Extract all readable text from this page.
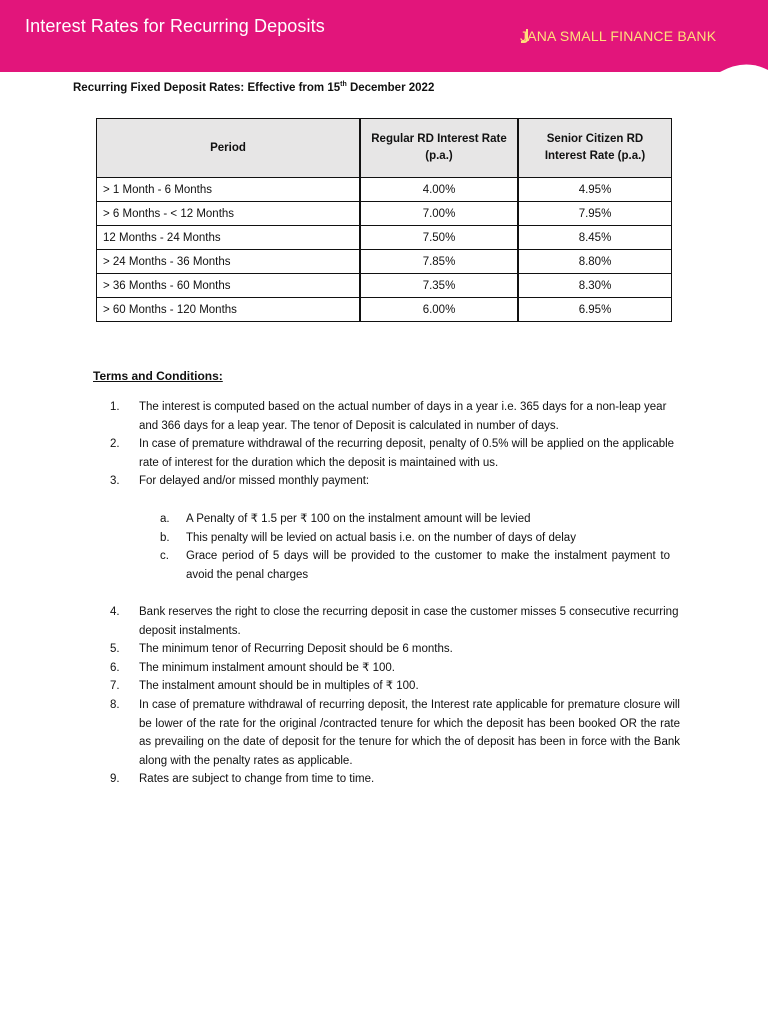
Interest Rates for Recurring Deposits	JANA SMALL FINANCE BANK
Recurring Fixed Deposit Rates: Effective from 15th December 2022
Period	Regular RD Interest Rate (p.a.)	Senior Citizen RD Interest Rate (p.a.)
> 1 Month - 6 Months	4.00%	4.95%
> 6 Months - < 12 Months	7.00%	7.95%
12 Months - 24 Months	7.50%	8.45%
> 24 Months - 36 Months	7.85%	8.80%
> 36 Months - 60 Months	7.35%	8.30%
> 60 Months - 120 Months	6.00%	6.95%
Terms and Conditions:
1.	The interest is computed based on the actual number of days in a year i.e. 365 days for a non-leap year and 366 days for a leap year. The tenor of Deposit is calculated in number of days.
2.	In case of premature withdrawal of the recurring deposit, penalty of 0.5% will be applied on the applicable rate of interest for the duration which the deposit is maintained with us.
3.	For delayed and/or missed monthly payment:
a.	A Penalty of ₹ 1.5 per ₹ 100 on the instalment amount will be levied
b.	This penalty will be levied on actual basis i.e. on the number of days of delay
c.	Grace period of 5 days will be provided to the customer to make the instalment payment to avoid the penal charges
4.	Bank reserves the right to close the recurring deposit in case the customer misses 5 consecutive recurring deposit instalments.
5.	The minimum tenor of Recurring Deposit should be 6 months.
6.	The minimum instalment amount should be ₹ 100.
7.	The instalment amount should be in multiples of ₹ 100.
8.	In case of premature withdrawal of recurring deposit, the Interest rate applicable for premature closure will be lower of the rate for the original /contracted tenure for which the deposit has been booked OR the rate as prevailing on the date of deposit for the tenure for which the of deposit has been in force with the Bank along with the penalty rates as applicable.
9.	Rates are subject to change from time to time.
